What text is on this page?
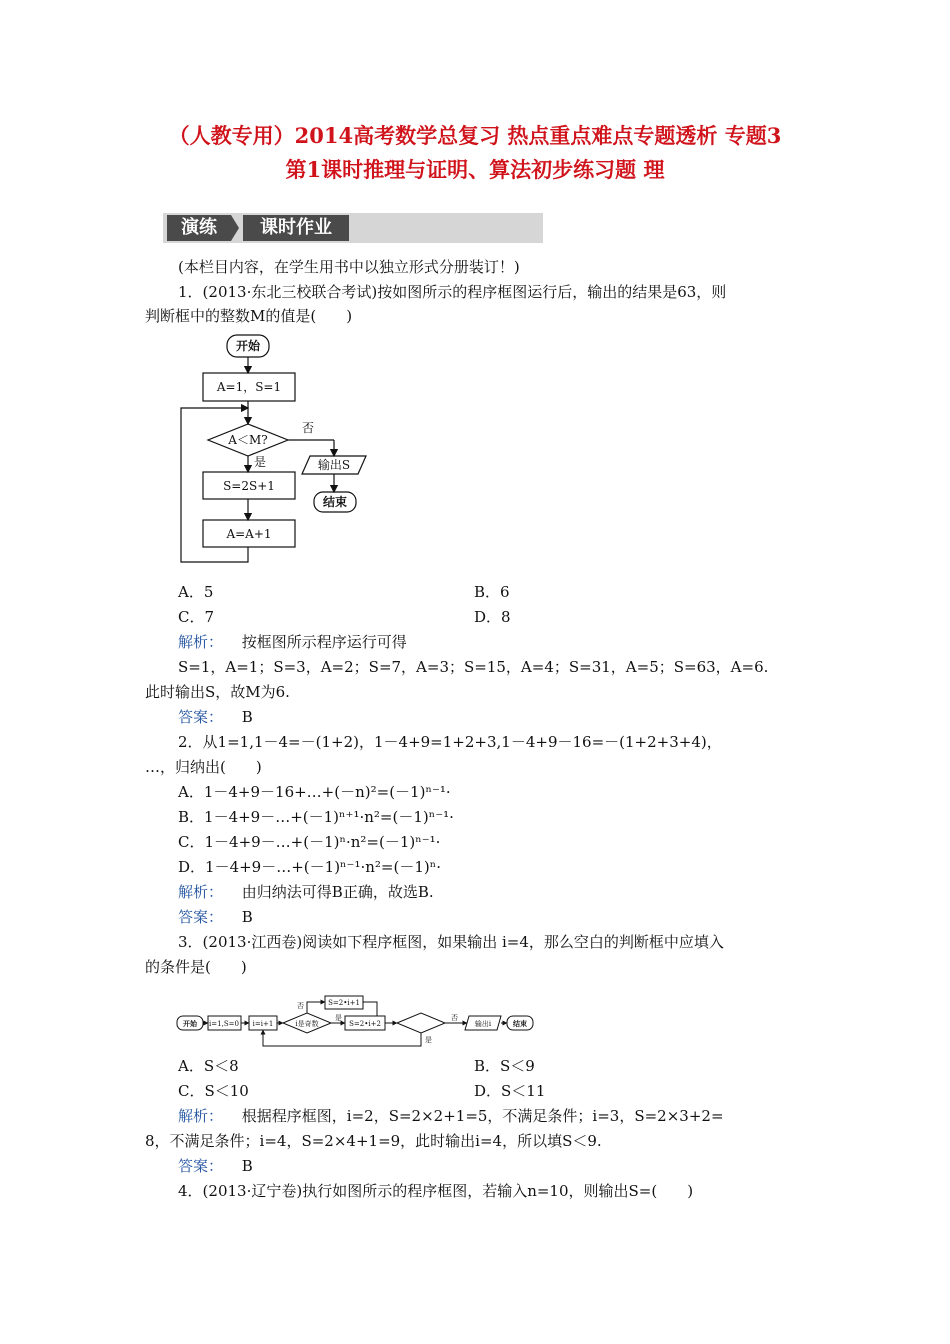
（人教专用）2014高考数学总复习 热点重点难点专题透析 专题3
第1课时推理与证明、算法初步练习题 理
演练	课时作业
(本栏目内容，在学生用书中以独立形式分册装订！)
1．(2013·东北三校联合考试)按如图所示的程序框图运行后，输出的结果是63，则
判断框中的整数M的值是(　　)
开始
A=1，S=1
A＜M?
否
是	输出S
结束
S=2S+1
A=A+1
A．5	B．6
C．7	D．8
解析： 按框图所示程序运行可得
S=1，A=1；S=3，A=2；S=7，A=3；S=15，A=4；S=31，A=5；S=63，A=6.
此时输出S，故M为6.
答案： B
2．从1=1,1－4=－(1+2)，1－4+9=1+2+3,1－4+9－16=－(1+2+3+4)，
…，归纳出(　　)
A．1－4+9－16+…+(－n)²=(－1)ⁿ⁻¹·
B．1－4+9－…+(－1)ⁿ⁺¹·n²=(－1)ⁿ⁻¹·
C．1－4+9－…+(－1)ⁿ·n²=(－1)ⁿ⁻¹·
D．1－4+9－…+(－1)ⁿ⁻¹·n²=(－1)ⁿ·
解析： 由归纳法可得B正确，故选B.
答案： B
3．(2013·江西卷)阅读如下程序框图，如果输出 i=4，那么空白的判断框中应填入
的条件是(　　)
开始 i=1,S=0 i=i+1	i是奇数
否
是
S=2•i+1
S=2•i+2
否
是
输出i	结束
A．S＜8	B．S＜9
C．S＜10	D．S＜11
解析： 根据程序框图，i=2，S=2×2+1=5，不满足条件；i=3，S=2×3+2=
8，不满足条件；i=4，S=2×4+1=9，此时输出i=4，所以填S＜9.
答案： B
4．(2013·辽宁卷)执行如图所示的程序框图，若输入n=10，则输出S=(　　)
